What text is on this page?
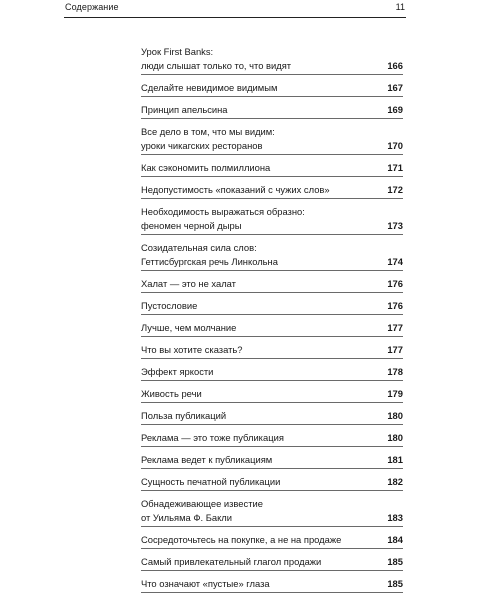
Содержание	11
Урок First Banks:
люди слышат только то, что видят	166
Сделайте невидимое видимым	167
Принцип апельсина	169
Все дело в том, что мы видим:
уроки чикагских ресторанов	170
Как сэкономить полмиллиона	171
Недопустимость «показаний с чужих слов»	172
Необходимость выражаться образно:
феномен черной дыры	173
Созидательная сила слов:
Геттисбургская речь Линкольна	174
Халат — это не халат	176
Пустословие	176
Лучше, чем молчание	177
Что вы хотите сказать?	177
Эффект яркости	178
Живость речи	179
Польза публикаций	180
Реклама — это тоже публикация	180
Реклама ведет к публикациям	181
Сущность печатной публикации	182
Обнадеживающее известие
от Уильяма Ф. Бакли	183
Сосредоточьтесь на покупке, а не на продаже	184
Самый привлекательный глагол продажи	185
Что означают «пустые» глаза	185
